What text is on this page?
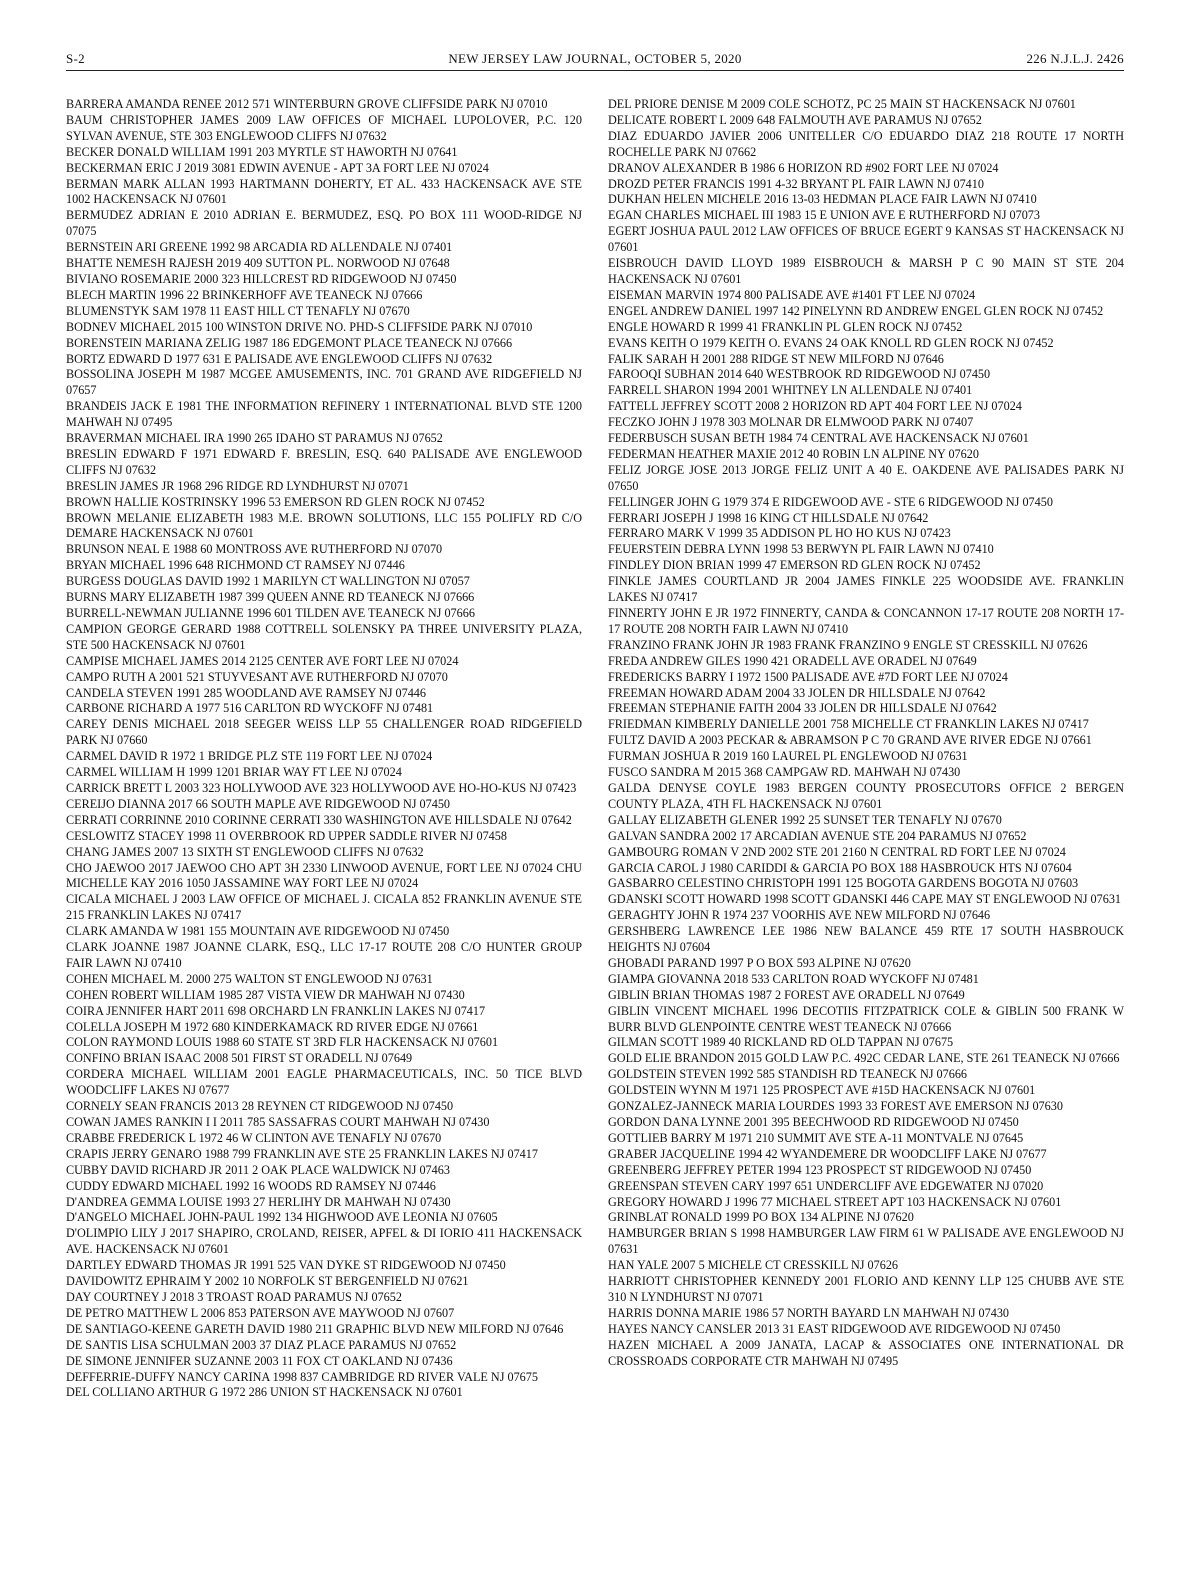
S-2	NEW JERSEY LAW JOURNAL, OCTOBER 5, 2020	226 N.J.L.J. 2426

BARRERA AMANDA RENEE 2012 571 WINTERBURN GROVE CLIFFSIDE PARK NJ 07010

BAUM CHRISTOPHER JAMES 2009 LAW OFFICES OF MICHAEL LUPOLOVER, P.C. 120 SYLVAN AVENUE, STE 303 ENGLEWOOD CLIFFS NJ 07632

BECKER DONALD WILLIAM 1991 203 MYRTLE ST HAWORTH NJ 07641

BECKERMAN ERIC J 2019 3081 EDWIN AVENUE - APT 3A FORT LEE NJ 07024

BERMAN MARK ALLAN 1993 HARTMANN DOHERTY, ET AL. 433 HACKENSACK AVE STE 1002 HACKENSACK NJ 07601

BERMUDEZ ADRIAN E 2010 ADRIAN E. BERMUDEZ, ESQ. PO BOX 111 WOOD-RIDGE NJ 07075

BERNSTEIN ARI GREENE 1992 98 ARCADIA RD ALLENDALE NJ 07401

BHATTE NEMESH RAJESH 2019 409 SUTTON PL. NORWOOD NJ 07648

BIVIANO ROSEMARIE 2000 323 HILLCREST RD RIDGEWOOD NJ 07450

BLECH MARTIN 1996 22 BRINKERHOFF AVE TEANECK NJ 07666

BLUMENSTYK SAM 1978 11 EAST HILL CT TENAFLY NJ 07670

BODNEV MICHAEL 2015 100 WINSTON DRIVE NO. PHD-S CLIFFSIDE PARK NJ 07010

BORENSTEIN MARIANA ZELIG 1987 186 EDGEMONT PLACE TEANECK NJ 07666

BORTZ EDWARD D 1977 631 E PALISADE AVE ENGLEWOOD CLIFFS NJ 07632

BOSSOLINA JOSEPH M 1987 MCGEE AMUSEMENTS, INC. 701 GRAND AVE RIDGEFIELD NJ 07657

BRANDEIS JACK E 1981 THE INFORMATION REFINERY 1 INTERNATIONAL BLVD STE 1200 MAHWAH NJ 07495

BRAVERMAN MICHAEL IRA 1990 265 IDAHO ST PARAMUS NJ 07652

BRESLIN EDWARD F 1971 EDWARD F. BRESLIN, ESQ. 640 PALISADE AVE ENGLEWOOD CLIFFS NJ 07632

BRESLIN JAMES JR 1968 296 RIDGE RD LYNDHURST NJ 07071

BROWN HALLIE KOSTRINSKY 1996 53 EMERSON RD GLEN ROCK NJ 07452

BROWN MELANIE ELIZABETH 1983 M.E. BROWN SOLUTIONS, LLC 155 POLIFLY RD C/O DEMARE HACKENSACK NJ 07601

BRUNSON NEAL E 1988 60 MONTROSS AVE RUTHERFORD NJ 07070

BRYAN MICHAEL 1996 648 RICHMOND CT RAMSEY NJ 07446

BURGESS DOUGLAS DAVID 1992 1 MARILYN CT WALLINGTON NJ 07057

BURNS MARY ELIZABETH 1987 399 QUEEN ANNE RD TEANECK NJ 07666

BURRELL-NEWMAN JULIANNE 1996 601 TILDEN AVE TEANECK NJ 07666

CAMPION GEORGE GERARD 1988 COTTRELL SOLENSKY PA THREE UNIVERSITY PLAZA, STE 500 HACKENSACK NJ 07601

CAMPISE MICHAEL JAMES 2014 2125 CENTER AVE FORT LEE NJ 07024

CAMPO RUTH A 2001 521 STUYVESANT AVE RUTHERFORD NJ 07070

CANDELA STEVEN 1991 285 WOODLAND AVE RAMSEY NJ 07446

CARBONE RICHARD A 1977 516 CARLTON RD WYCKOFF NJ 07481

CAREY DENIS MICHAEL 2018 SEEGER WEISS LLP 55 CHALLENGER ROAD RIDGEFIELD PARK NJ 07660

CARMEL DAVID R 1972 1 BRIDGE PLZ STE 119 FORT LEE NJ 07024

CARMEL WILLIAM H 1999 1201 BRIAR WAY FT LEE NJ 07024

CARRICK BRETT L 2003 323 HOLLYWOOD AVE 323 HOLLYWOOD AVE HO-HO-KUS NJ 07423

CEREIJO DIANNA 2017 66 SOUTH MAPLE AVE RIDGEWOOD NJ 07450

CERRATI CORRINNE 2010 CORINNE CERRATI 330 WASHINGTON AVE HILLSDALE NJ 07642

CESLOWITZ STACEY 1998 11 OVERBROOK RD UPPER SADDLE RIVER NJ 07458

CHANG JAMES 2007 13 SIXTH ST ENGLEWOOD CLIFFS NJ 07632

CHO JAEWOO 2017 JAEWOO CHO APT 3H 2330 LINWOOD AVENUE, FORT LEE NJ 07024 CHU MICHELLE KAY 2016 1050 JASSAMINE WAY FORT LEE NJ 07024

CICALA MICHAEL J 2003 LAW OFFICE OF MICHAEL J. CICALA 852 FRANKLIN AVENUE STE 215 FRANKLIN LAKES NJ 07417

CLARK AMANDA W 1981 155 MOUNTAIN AVE RIDGEWOOD NJ 07450

CLARK JOANNE 1987 JOANNE CLARK, ESQ., LLC 17-17 ROUTE 208 C/O HUNTER GROUP FAIR LAWN NJ 07410

COHEN MICHAEL M. 2000 275 WALTON ST ENGLEWOOD NJ 07631

COHEN ROBERT WILLIAM 1985 287 VISTA VIEW DR MAHWAH NJ 07430

COIRA JENNIFER HART 2011 698 ORCHARD LN FRANKLIN LAKES NJ 07417

COLELLA JOSEPH M 1972 680 KINDERKAMACK RD RIVER EDGE NJ 07661

COLON RAYMOND LOUIS 1988 60 STATE ST 3RD FLR HACKENSACK NJ 07601

CONFINO BRIAN ISAAC 2008 501 FIRST ST ORADELL NJ 07649

CORDERA MICHAEL WILLIAM 2001 EAGLE PHARMACEUTICALS, INC. 50 TICE BLVD WOODCLIFF LAKES NJ 07677

CORNELY SEAN FRANCIS 2013 28 REYNEN CT RIDGEWOOD NJ 07450

COWAN JAMES RANKIN I I 2011 785 SASSAFRAS COURT MAHWAH NJ 07430

CRABBE FREDERICK L 1972 46 W CLINTON AVE TENAFLY NJ 07670

CRAPIS JERRY GENARO 1988 799 FRANKLIN AVE STE 25 FRANKLIN LAKES NJ 07417

CUBBY DAVID RICHARD JR 2011 2 OAK PLACE WALDWICK NJ 07463

CUDDY EDWARD MICHAEL 1992 16 WOODS RD RAMSEY NJ 07446

D'ANDREA GEMMA LOUISE 1993 27 HERLIHY DR MAHWAH NJ 07430

D'ANGELO MICHAEL JOHN-PAUL 1992 134 HIGHWOOD AVE LEONIA NJ 07605

D'OLIMPIO LILY J 2017 SHAPIRO, CROLAND, REISER, APFEL & DI IORIO 411 HACKENSACK AVE. HACKENSACK NJ 07601

DARTLEY EDWARD THOMAS JR 1991 525 VAN DYKE ST RIDGEWOOD NJ 07450

DAVIDOWITZ EPHRAIM Y 2002 10 NORFOLK ST BERGENFIELD NJ 07621

DAY COURTNEY J 2018 3 TROAST ROAD PARAMUS NJ 07652

DE PETRO MATTHEW L 2006 853 PATERSON AVE MAYWOOD NJ 07607

DE SANTIAGO-KEENE GARETH DAVID 1980 211 GRAPHIC BLVD NEW MILFORD NJ 07646

DE SANTIS LISA SCHULMAN 2003 37 DIAZ PLACE PARAMUS NJ 07652

DE SIMONE JENNIFER SUZANNE 2003 11 FOX CT OAKLAND NJ 07436

DEFFERRIE-DUFFY NANCY CARINA 1998 837 CAMBRIDGE RD RIVER VALE NJ 07675

DEL COLLIANO ARTHUR G 1972 286 UNION ST HACKENSACK NJ 07601

DEL PRIORE DENISE M 2009 COLE SCHOTZ, PC 25 MAIN ST HACKENSACK NJ 07601

DELICATE ROBERT L 2009 648 FALMOUTH AVE PARAMUS NJ 07652

DIAZ EDUARDO JAVIER 2006 UNITELLER C/O EDUARDO DIAZ 218 ROUTE 17 NORTH ROCHELLE PARK NJ 07662

DRANOV ALEXANDER B 1986 6 HORIZON RD #902 FORT LEE NJ 07024

DROZD PETER FRANCIS 1991 4-32 BRYANT PL FAIR LAWN NJ 07410

DUKHAN HELEN MICHELE 2016 13-03 HEDMAN PLACE FAIR LAWN NJ 07410

EGAN CHARLES MICHAEL III 1983 15 E UNION AVE E RUTHERFORD NJ 07073

EGERT JOSHUA PAUL 2012 LAW OFFICES OF BRUCE EGERT 9 KANSAS ST HACKENSACK NJ 07601

EISBROUCH DAVID LLOYD 1989 EISBROUCH & MARSH P C 90 MAIN ST STE 204 HACKENSACK NJ 07601

EISEMAN MARVIN 1974 800 PALISADE AVE #1401 FT LEE NJ 07024

ENGEL ANDREW DANIEL 1997 142 PINELYNN RD ANDREW ENGEL GLEN ROCK NJ 07452

ENGLE HOWARD R 1999 41 FRANKLIN PL GLEN ROCK NJ 07452

EVANS KEITH O 1979 KEITH O. EVANS 24 OAK KNOLL RD GLEN ROCK NJ 07452

FALIK SARAH H 2001 288 RIDGE ST NEW MILFORD NJ 07646

FAROOQI SUBHAN 2014 640 WESTBROOK RD RIDGEWOOD NJ 07450

FARRELL SHARON 1994 2001 WHITNEY LN ALLENDALE NJ 07401

FATTELL JEFFREY SCOTT 2008 2 HORIZON RD APT 404 FORT LEE NJ 07024

FECZKO JOHN J 1978 303 MOLNAR DR ELMWOOD PARK NJ 07407

FEDERBUSCH SUSAN BETH 1984 74 CENTRAL AVE HACKENSACK NJ 07601

FEDERMAN HEATHER MAXIE 2012 40 ROBIN LN ALPINE NY 07620

FELIZ JORGE JOSE 2013 JORGE FELIZ UNIT A 40 E. OAKDENE AVE PALISADES PARK NJ 07650

FELLINGER JOHN G 1979 374 E RIDGEWOOD AVE - STE 6 RIDGEWOOD NJ 07450

FERRARI JOSEPH J 1998 16 KING CT HILLSDALE NJ 07642

FERRARO MARK V 1999 35 ADDISON PL HO HO KUS NJ 07423

FEUERSTEIN DEBRA LYNN 1998 53 BERWYN PL FAIR LAWN NJ 07410

FINDLEY DION BRIAN 1999 47 EMERSON RD GLEN ROCK NJ 07452

FINKLE JAMES COURTLAND JR 2004 JAMES FINKLE 225 WOODSIDE AVE. FRANKLIN LAKES NJ 07417

FINNERTY JOHN E JR 1972 FINNERTY, CANDA & CONCANNON 17-17 ROUTE 208 NORTH 17-17 ROUTE 208 NORTH FAIR LAWN NJ 07410

FRANZINO FRANK JOHN JR 1983 FRANK FRANZINO 9 ENGLE ST CRESSKILL NJ 07626

FREDA ANDREW GILES 1990 421 ORADELL AVE ORADEL NJ 07649

FREDERICKS BARRY I 1972 1500 PALISADE AVE #7D FORT LEE NJ 07024

FREEMAN HOWARD ADAM 2004 33 JOLEN DR HILLSDALE NJ 07642

FREEMAN STEPHANIE FAITH 2004 33 JOLEN DR HILLSDALE NJ 07642

FRIEDMAN KIMBERLY DANIELLE 2001 758 MICHELLE CT FRANKLIN LAKES NJ 07417

FULTZ DAVID A 2003 PECKAR & ABRAMSON P C 70 GRAND AVE RIVER EDGE NJ 07661

FURMAN JOSHUA R 2019 160 LAUREL PL ENGLEWOOD NJ 07631

FUSCO SANDRA M 2015 368 CAMPGAW RD. MAHWAH NJ 07430

GALDA DENYSE COYLE 1983 BERGEN COUNTY PROSECUTORS OFFICE 2 BERGEN COUNTY PLAZA, 4TH FL HACKENSACK NJ 07601

GALLAY ELIZABETH GLENER 1992 25 SUNSET TER TENAFLY NJ 07670

GALVAN SANDRA 2002 17 ARCADIAN AVENUE STE 204 PARAMUS NJ 07652

GAMBOURG ROMAN V 2ND 2002 STE 201 2160 N CENTRAL RD FORT LEE NJ 07024

GARCIA CAROL J 1980 CARIDDI & GARCIA PO BOX 188 HASBROUCK HTS NJ 07604

GASBARRO CELESTINO CHRISTOPH 1991 125 BOGOTA GARDENS BOGOTA NJ 07603

GDANSKI SCOTT HOWARD 1998 SCOTT GDANSKI 446 CAPE MAY ST ENGLEWOOD NJ 07631

GERAGHTY JOHN R 1974 237 VOORHIS AVE NEW MILFORD NJ 07646

GERSHBERG LAWRENCE LEE 1986 NEW BALANCE 459 RTE 17 SOUTH HASBROUCK HEIGHTS NJ 07604

GHOBADI PARAND 1997 P O BOX 593 ALPINE NJ 07620

GIAMPA GIOVANNA 2018 533 CARLTON ROAD WYCKOFF NJ 07481

GIBLIN BRIAN THOMAS 1987 2 FOREST AVE ORADELL NJ 07649

GIBLIN VINCENT MICHAEL 1996 DECOTIIS FITZPATRICK COLE & GIBLIN 500 FRANK W BURR BLVD GLENPOINTE CENTRE WEST TEANECK NJ 07666

GILMAN SCOTT 1989 40 RICKLAND RD OLD TAPPAN NJ 07675

GOLD ELIE BRANDON 2015 GOLD LAW P.C. 492C CEDAR LANE, STE 261 TEANECK NJ 07666

GOLDSTEIN STEVEN 1992 585 STANDISH RD TEANECK NJ 07666

GOLDSTEIN WYNN M 1971 125 PROSPECT AVE #15D HACKENSACK NJ 07601

GONZALEZ-JANNECK MARIA LOURDES 1993 33 FOREST AVE EMERSON NJ 07630

GORDON DANA LYNNE 2001 395 BEECHWOOD RD RIDGEWOOD NJ 07450

GOTTLIEB BARRY M 1971 210 SUMMIT AVE STE A-11 MONTVALE NJ 07645

GRABER JACQUELINE 1994 42 WYANDEMERE DR WOODCLIFF LAKE NJ 07677

GREENBERG JEFFREY PETER 1994 123 PROSPECT ST RIDGEWOOD NJ 07450

GREENSPAN STEVEN CARY 1997 651 UNDERCLIFF AVE EDGEWATER NJ 07020

GREGORY HOWARD J 1996 77 MICHAEL STREET APT 103 HACKENSACK NJ 07601

GRINBLAT RONALD 1999 PO BOX 134 ALPINE NJ 07620

HAMBURGER BRIAN S 1998 HAMBURGER LAW FIRM 61 W PALISADE AVE ENGLEWOOD NJ 07631

HAN YALE 2007 5 MICHELE CT CRESSKILL NJ 07626

HARRIOTT CHRISTOPHER KENNEDY 2001 FLORIO AND KENNY LLP 125 CHUBB AVE STE 310 N LYNDHURST NJ 07071

HARRIS DONNA MARIE 1986 57 NORTH BAYARD LN MAHWAH NJ 07430

HAYES NANCY CANSLER 2013 31 EAST RIDGEWOOD AVE RIDGEWOOD NJ 07450

HAZEN MICHAEL A 2009 JANATA, LACAP & ASSOCIATES ONE INTERNATIONAL DR CROSSROADS CORPORATE CTR MAHWAH NJ 07495
